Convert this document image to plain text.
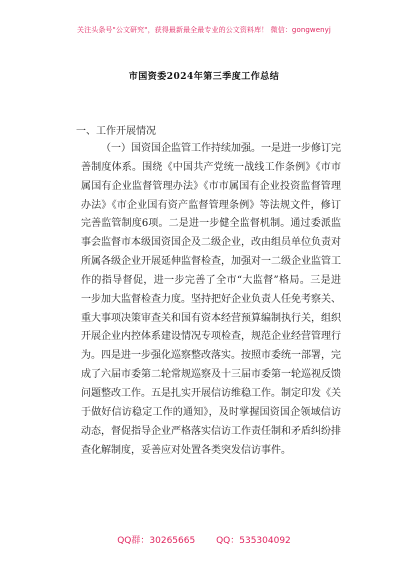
关注头条号"公文研究"，获得最新最全最专业的公文资料库！ 微信：gongwenyj
市国资委2024年第三季度工作总结
一、工作开展情况
（一）国资国企监管工作持续加强。一是进一步修订完善制度体系。围绕《中国共产党统一战线工作条例》《市市属国有企业监督管理办法》《市市属国有企业投资监督管理办法》《市企业国有资产监督管理条例》等法规文件，修订完善监管制度6项。二是进一步健全监督机制。通过委派监事会监督市本级国资国企及二级企业，改由组员单位负责对所属各级企业开展延伸监督检查，加强对一二级企业监管工作的指导督促，进一步完善了全市“大监督”格局。三是进一步加大监督检查力度。坚持把好企业负责人任免考察关、重大事项决策审查关和国有资本经营预算编制执行关，组织开展企业内控体系建设情况专项检查，规范企业经营管理行为。四是进一步强化巡察整改落实。按照市委统一部署，完成了六届市委第二轮常规巡察及十三届市委第一轮巡视反馈问题整改工作。五是扎实开展信访维稳工作。制定印发《关于做好信访稳定工作的通知》，及时掌握国资国企领域信访动态，督促指导企业严格落实信访工作责任制和矛盾纠纷排查化解制度，妥善应对处置各类突发信访事件。
QQ群：30265665 QQ：535304092
